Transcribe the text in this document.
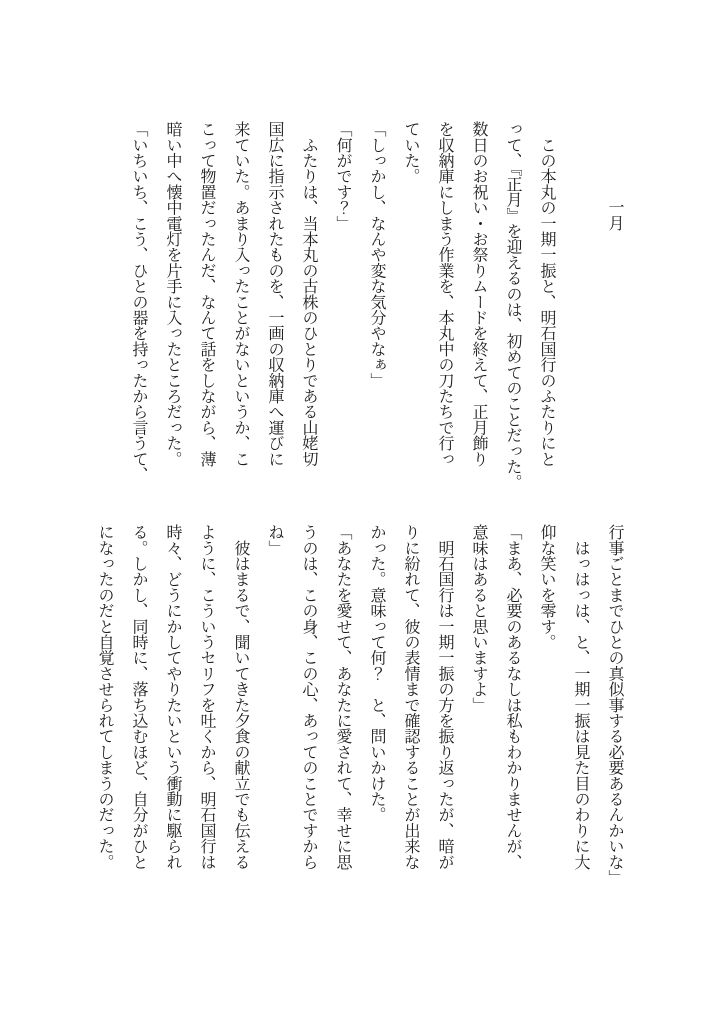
一月

　この本丸の一期一振と、明石国行のふたりにと

って、『正月』を迎えるのは、初めてのことだった。

数日のお祝い・お祭りムードを終えて、正月飾り

を収納庫にしまう作業を、本丸中の刀たちで行っ

ていた。

「しっかし、なんや変な気分やなぁ」

「何がです？」

　ふたりは、当本丸の古株のひとりである山姥切

国広に指示されたものを、一画の収納庫へ運びに

来ていた。あまり入ったことがないというか、こ

こって物置だったんだ、なんて話をしながら、薄

暗い中へ懐中電灯を片手に入ったところだった。

「いちいち、こう、ひとの器を持ったから言うて、

行事ごとまでひとの真似事する必要あるんかいな」

　はっはっは、と、一期一振は見た目のわりに大

仰な笑いを零す。

「まあ、必要のあるなしは私もわかりませんが、

意味はあると思いますよ」

　明石国行は一期一振の方を振り返ったが、暗が

りに紛れて、彼の表情まで確認することが出来な

かった。意味って何？　と、問いかけた。

「あなたを愛せて、あなたに愛されて、幸せに思

うのは、この身、この心、あってのことですから

ね」

　彼はまるで、聞いてきた夕食の献立でも伝える

ように、こういうセリフを吐くから、明石国行は

時々、どうにかしてやりたいという衝動に駆られ

る。しかし、同時に、落ち込むほど、自分がひと

になったのだと自覚させられてしまうのだった。
